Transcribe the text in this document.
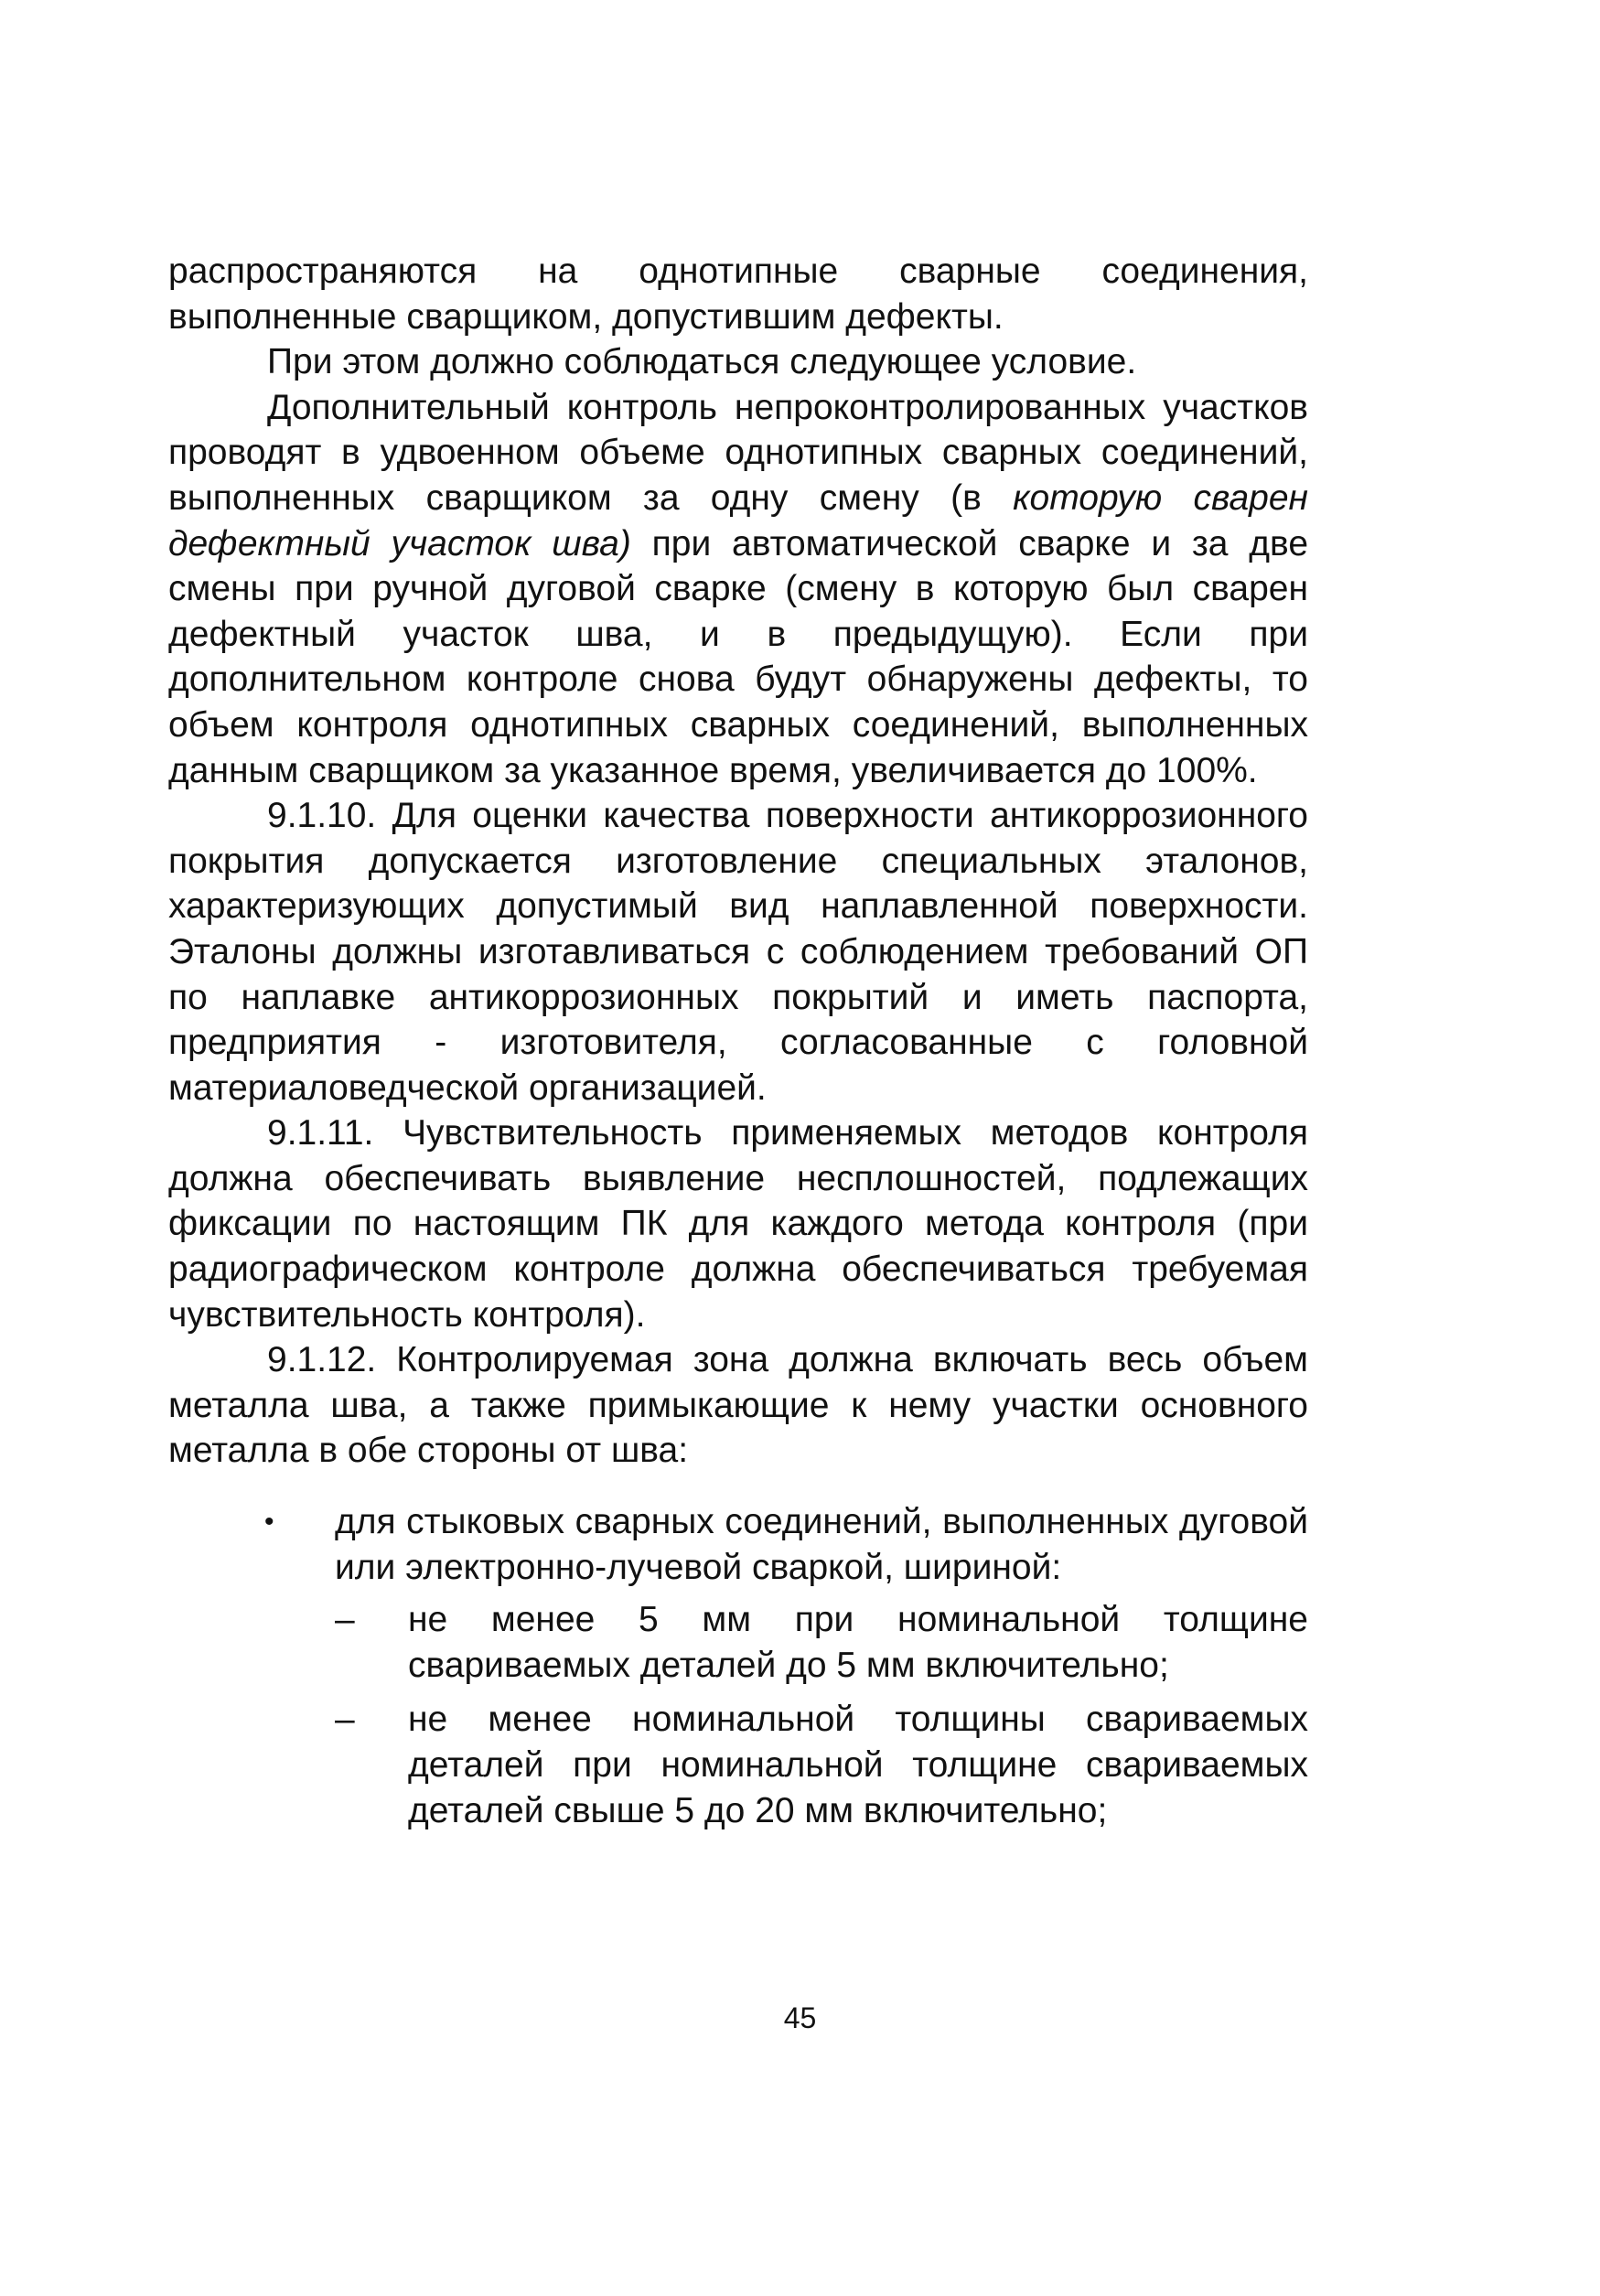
распространяются на однотипные сварные соединения, выполненные сварщиком, допустившим дефекты.

При этом должно соблюдаться следующее условие.

Дополнительный контроль непроконтролированных участков проводят в удвоенном объеме однотипных сварных соединений, выполненных сварщиком за одну смену (в которую сварен дефектный участок шва) при автоматической сварке и за две смены при ручной дуговой сварке (смену в которую был сварен дефектный участок шва, и в предыдущую). Если при дополнительном контроле снова будут обнаружены дефекты, то объем контроля однотипных сварных соединений, выполненных данным сварщиком за указанное время, увеличивается до 100%.

9.1.10. Для оценки качества поверхности антикоррозионного покрытия допускается изготовление специальных эталонов, характеризующих допустимый вид наплавленной поверхности. Эталоны должны изготавливаться с соблюдением требований ОП по наплавке антикоррозионных покрытий и иметь паспорта, предприятия - изготовителя, согласованные с головной материаловедческой организацией.

9.1.11. Чувствительность применяемых методов контроля должна обеспечивать выявление несплошностей, подлежащих фиксации по настоящим ПК для каждого метода контроля (при радиографическом контроле должна обеспечиваться требуемая чувствительность контроля).

9.1.12. Контролируемая зона должна включать весь объем металла шва, а также примыкающие к нему участки основного металла в обе стороны от шва:

• для стыковых сварных соединений, выполненных дуговой или электронно-лучевой сваркой, шириной:

– не менее 5 мм при номинальной толщине свариваемых деталей до 5 мм включительно;

– не менее номинальной толщины свариваемых деталей при номинальной толщине свариваемых деталей свыше 5 до 20 мм включительно;

45
